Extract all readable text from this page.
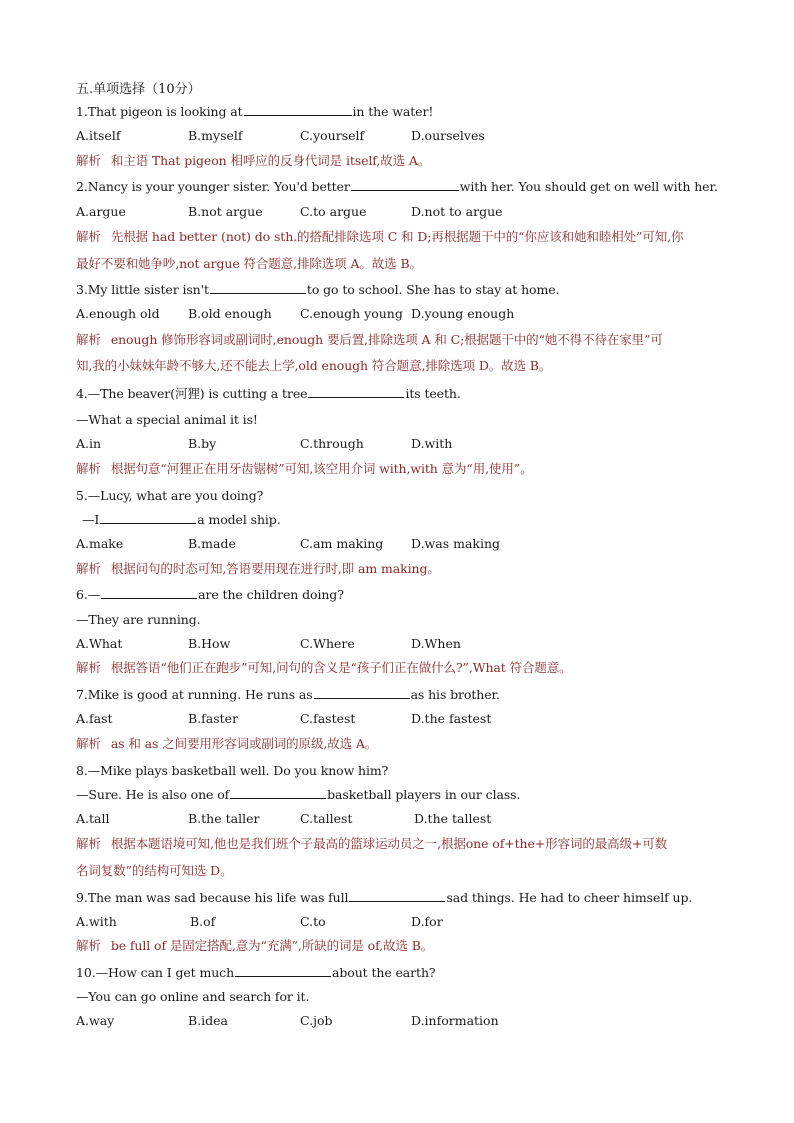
五.单项选择（10分）
1.That pigeon is looking at	in the water!
A.itself	B.myself	C.yourself	D.ourselves
解析 和主语 That pigeon 相呼应的反身代词是 itself,故选 A。
2.Nancy is your younger sister. You'd better	with her. You should get on well with her.
A.argue	B.not argue	C.to argue	D.not to argue
解析 先根据 had better (not) do sth.的搭配排除选项 C 和 D;再根据题干中的“你应该和她和睦相处”可知,你
最好不要和她争吵,not argue 符合题意,排除选项 A。故选 B。
3.My little sister isn't	to go to school. She has to stay at home.
A.enough old B.old enough C.enough young D.young enough
解析 enough 修饰形容词或副词时,enough 要后置,排除选项 A 和 C;根据题干中的“她不得不待在家里”可
知,我的小妹妹年龄不够大,还不能去上学,old enough 符合题意,排除选项 D。故选 B。
4.—The beaver(河狸) is cutting a tree	its teeth.
—What a special animal it is!
A.in	B.by	C.through	D.with
解析 根据句意“河狸正在用牙齿锯树”可知,该空用介词 with,with 意为“用,使用”。
5.—Lucy, what are you doing?
—I	a model ship.
A.make	B.made	C.am making D.was making
解析 根据问句的时态可知,答语要用现在进行时,即 am making。
6.—	are the children doing?
—They are running.
A.What	B.How	C.Where	D.When
解析 根据答语“他们正在跑步”可知,问句的含义是“孩子们正在做什么?”,What 符合题意。
7.Mike is good at running. He runs as	as his brother.
A.fast	B.faster	C.fastest	D.the fastest
解析 as 和 as 之间要用形容词或副词的原级,故选 A。
8.—Mike plays basketball well. Do you know him?
—Sure. He is also one of	basketball players in our class.
A.tall	B.the taller	C.tallest	D.the tallest
解析 根据本题语境可知,他也是我们班个子最高的篮球运动员之一,根据one of+the+形容词的最高级+可数
名词复数”的结构可知选 D。
9.The man was sad because his life was full	sad things. He had to cheer himself up.
A.with	B.of	C.to	D.for
解析 be full of 是固定搭配,意为“充满”,所缺的词是 of,故选 B。
10.—How can I get much	about the earth?
—You can go online and search for it.
A.way	B.idea	C.job	D.information
